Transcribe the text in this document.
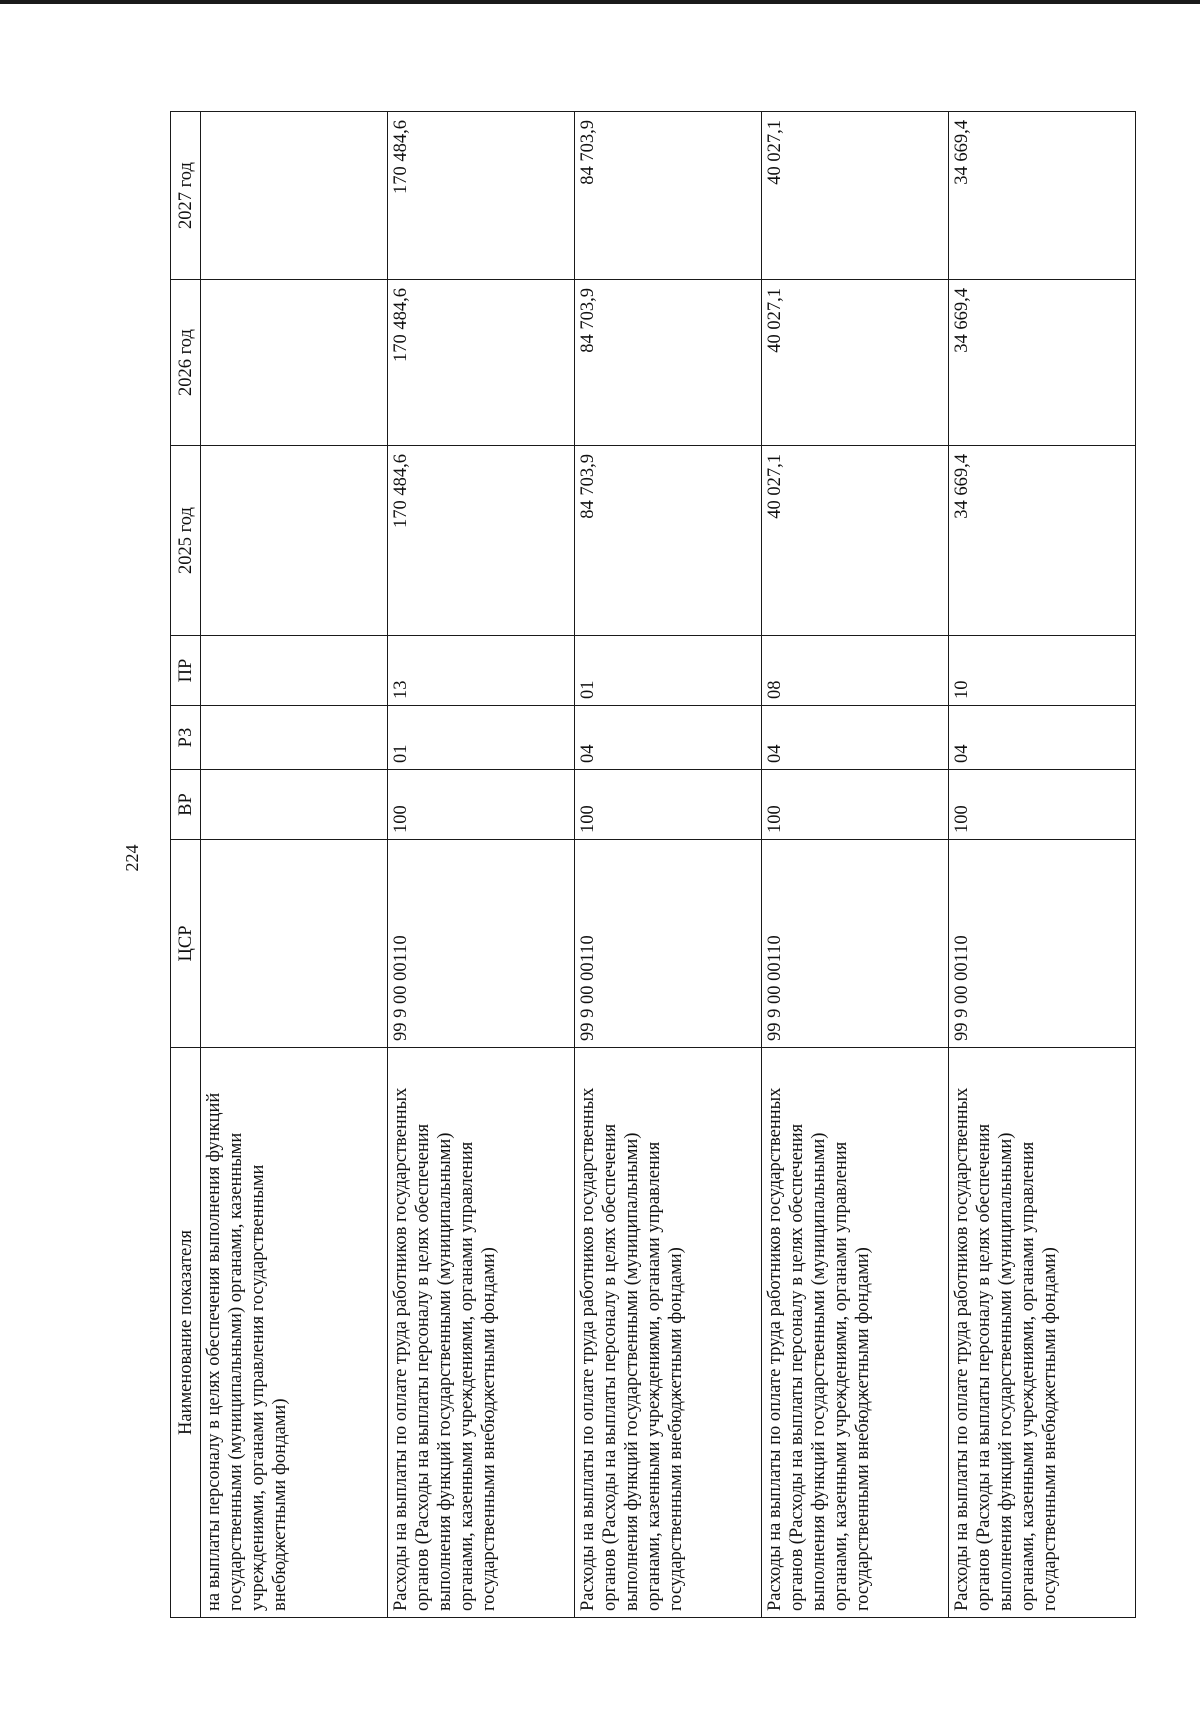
224
Наименование показателя	ЦСР	ВР	РЗ	ПР	2025 год	2026 год	2027 год
на выплаты персоналу в целях обеспечения выполнения функций государственными (муниципальными) органами, казенными учреждениями, органами управления государственными внебюджетными фондами)							
Расходы на выплаты по оплате труда работников государственных органов (Расходы на выплаты персоналу в целях обеспечения выполнения функций государственными (муниципальными) органами, казенными учреждениями, органами управления государственными внебюджетными фондами)	99 9 00 00110	100	01	13	170 484,6	170 484,6	170 484,6
Расходы на выплаты по оплате труда работников государственных органов (Расходы на выплаты персоналу в целях обеспечения выполнения функций государственными (муниципальными) органами, казенными учреждениями, органами управления государственными внебюджетными фондами)	99 9 00 00110	100	04	01	84 703,9	84 703,9	84 703,9
Расходы на выплаты по оплате труда работников государственных органов (Расходы на выплаты персоналу в целях обеспечения выполнения функций государственными (муниципальными) органами, казенными учреждениями, органами управления государственными внебюджетными фондами)	99 9 00 00110	100	04	08	40 027,1	40 027,1	40 027,1
Расходы на выплаты по оплате труда работников государственных органов (Расходы на выплаты персоналу в целях обеспечения выполнения функций государственными (муниципальными) органами, казенными учреждениями, органами управления государственными внебюджетными фондами)	99 9 00 00110	100	04	10	34 669,4	34 669,4	34 669,4
